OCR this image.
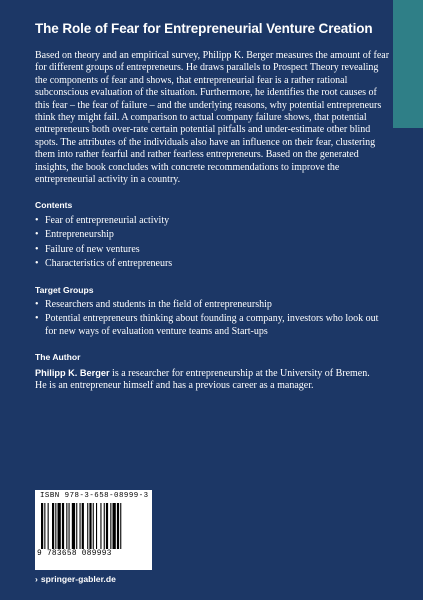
The Role of Fear for Entrepreneurial Venture Creation

Based on theory and an empirical survey, Philipp K. Berger measures the amount of fear for different groups of entrepreneurs. He draws parallels to Prospect Theory revealing the components of fear and shows, that entrepreneurial fear is a rather rational subconscious evaluation of the situation. Furthermore, he identifies the root causes of this fear – the fear of failure – and the underlying reasons, why potential entrepreneurs think they might fail. A comparison to actual company failure shows, that potential entrepreneurs both over-rate certain potential pitfalls and under-estimate other blind spots. The attributes of the individuals also have an influence on their fear, clustering them into rather fearful and rather fearless entrepreneurs. Based on the generated insights, the book concludes with concrete recommendations to improve the entrepreneurial activity in a country.

Contents
• Fear of entrepreneurial activity
• Entrepreneurship
• Failure of new ventures
• Characteristics of entrepreneurs
Target Groups
• Researchers and students in the field of entrepreneurship
• Potential entrepreneurs thinking about founding a company, investors who look out for new ways of evaluation venture teams and Start-ups
The Author

Philipp K. Berger is a researcher for entrepreneurship at the University of Bremen.
He is an entrepreneur himself and has a previous career as a manager.

ISBN 978-3-658-08999-3
9 783658 089993
› springer-gabler.de
